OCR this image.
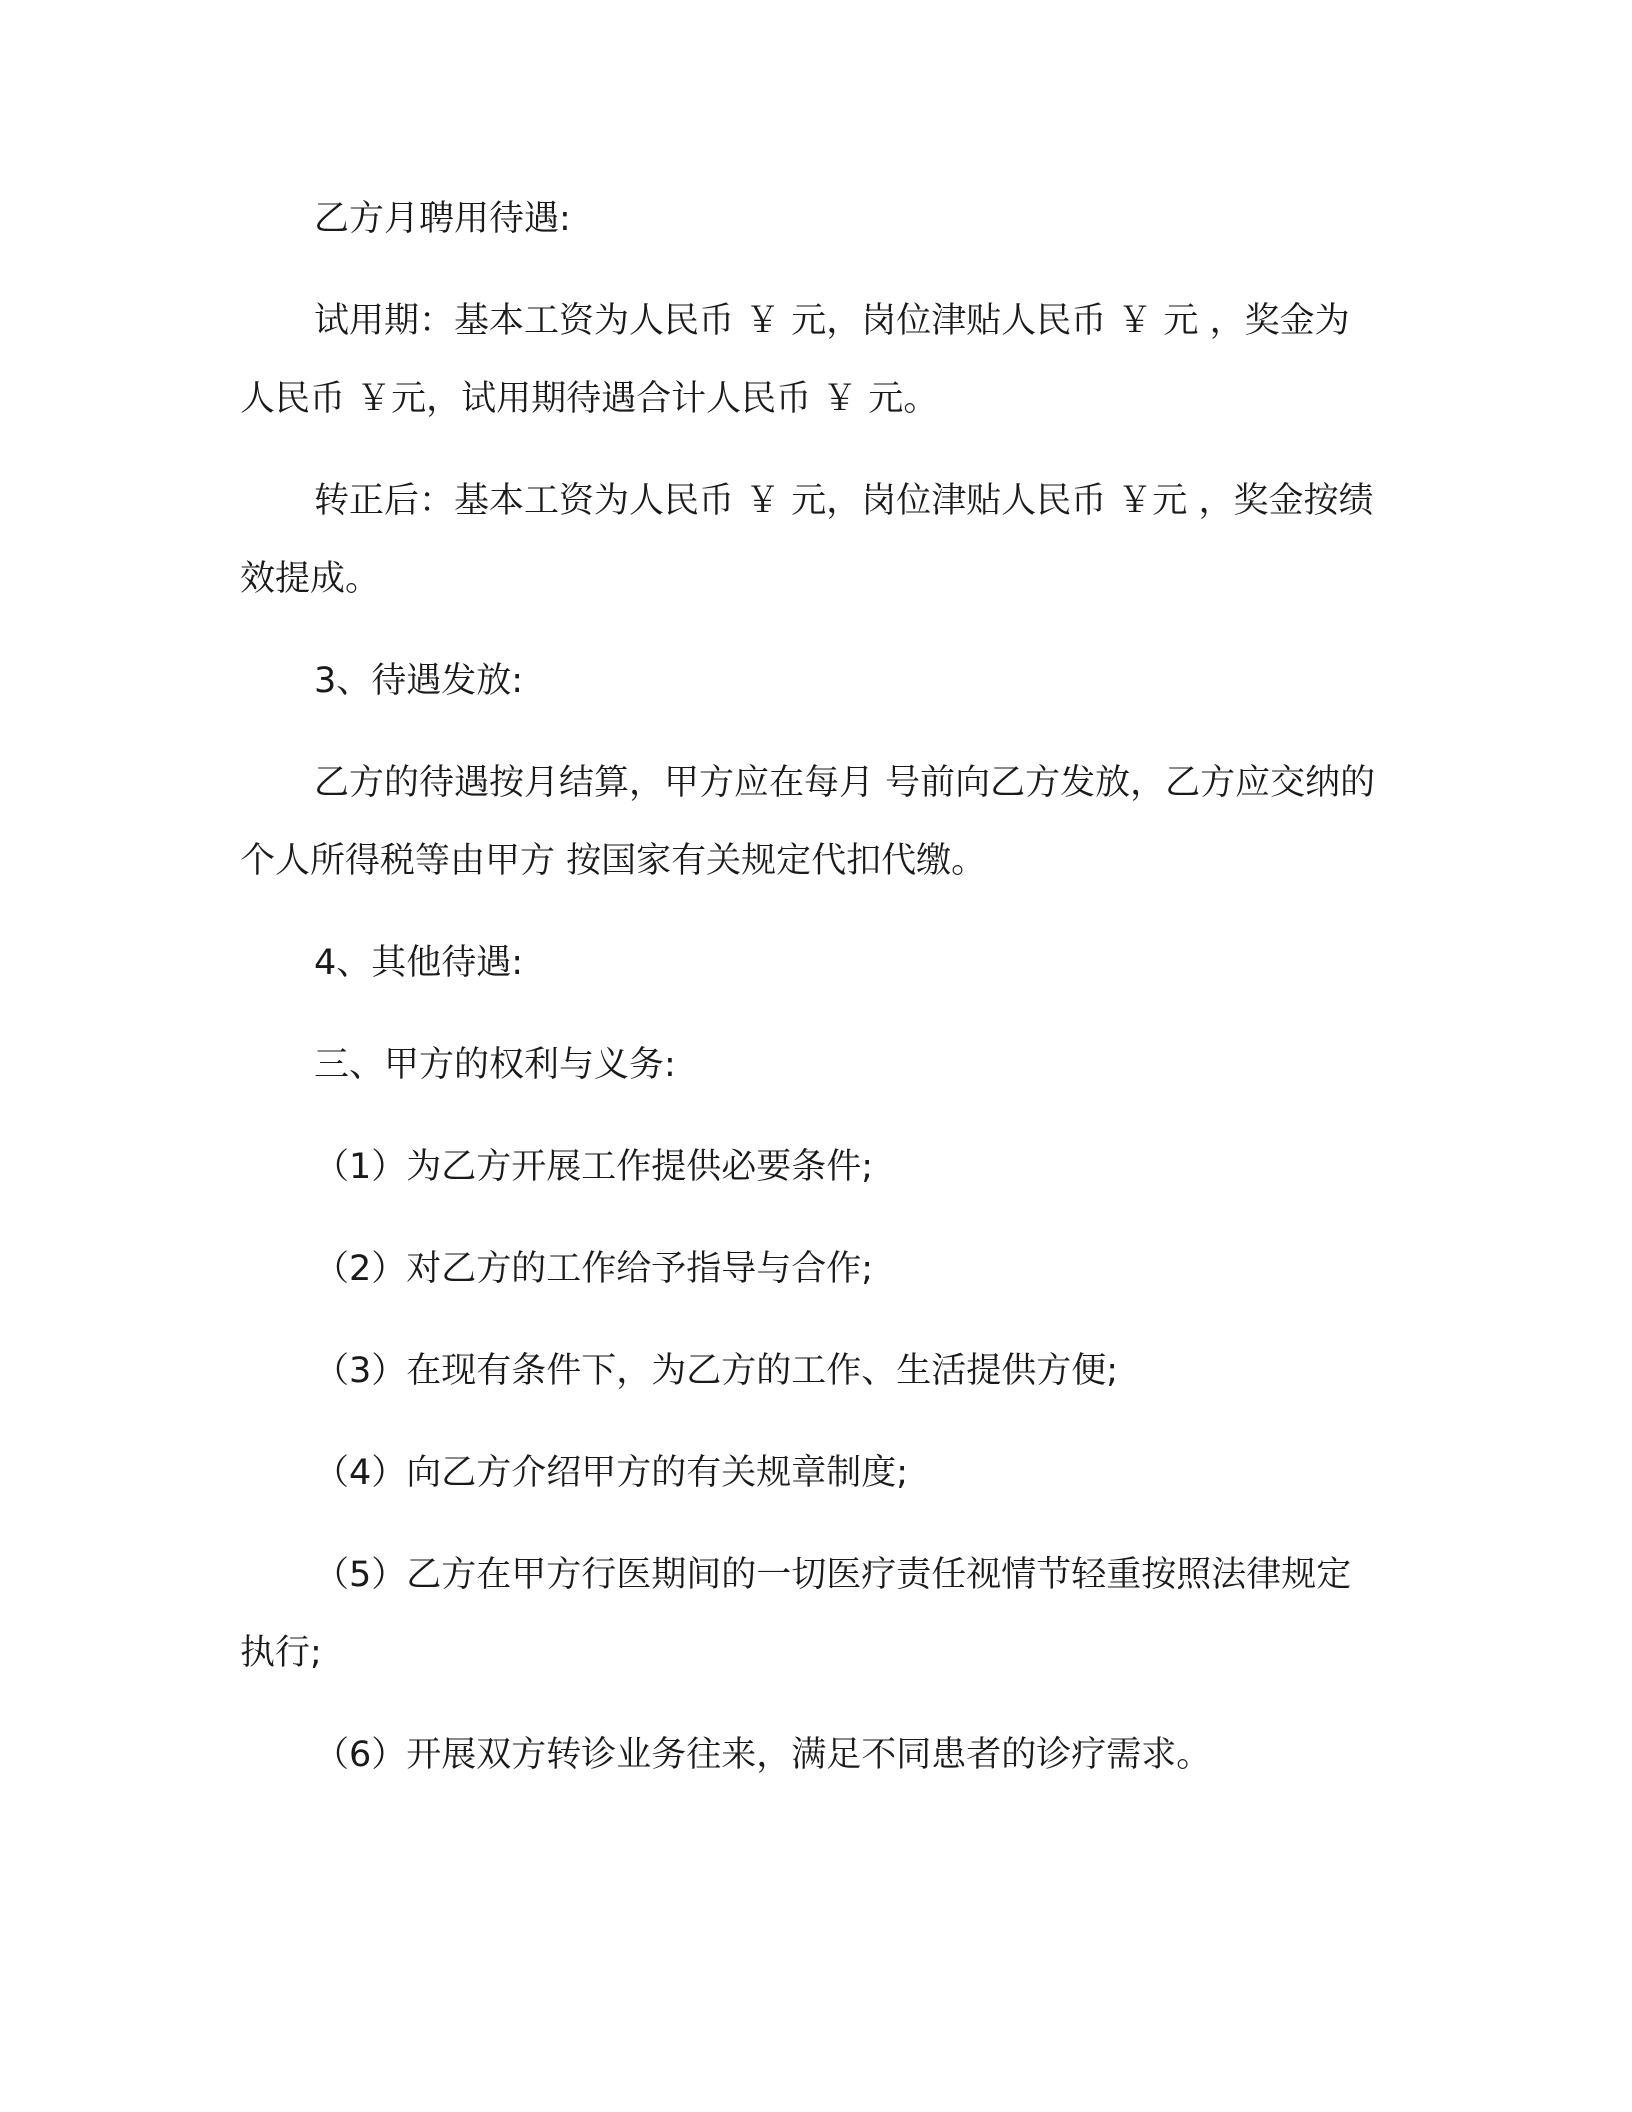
乙方月聘用待遇:

试用期：基本工资为人民币 ￥ 元，岗位津贴人民币 ￥ 元 ，奖金为人民币 ￥元，试用期待遇合计人民币 ￥ 元。

转正后：基本工资为人民币 ￥ 元，岗位津贴人民币 ￥元 ，奖金按绩效提成。

3、待遇发放:

乙方的待遇按月结算，甲方应在每月 号前向乙方发放，乙方应交纳的个人所得税等由甲方 按国家有关规定代扣代缴。

4、其他待遇:

三、甲方的权利与义务:

（1）为乙方开展工作提供必要条件;

（2）对乙方的工作给予指导与合作;

（3）在现有条件下，为乙方的工作、生活提供方便;

（4）向乙方介绍甲方的有关规章制度;

（5）乙方在甲方行医期间的一切医疗责任视情节轻重按照法律规定执行;

（6）开展双方转诊业务往来，满足不同患者的诊疗需求。
